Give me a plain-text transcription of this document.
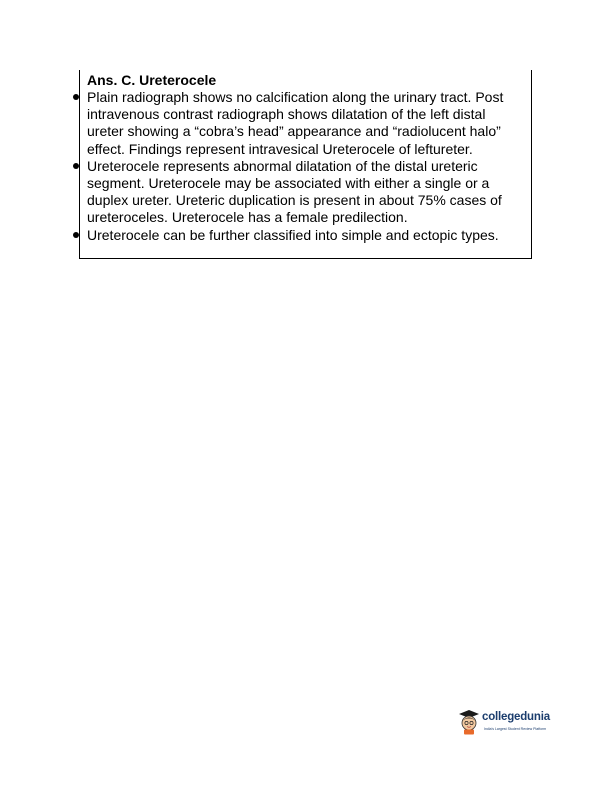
Ans. C. Ureterocele
Plain radiograph shows no calcification along the urinary tract. Post
intravenous contrast radiograph shows dilatation of the left distal
ureter showing a “cobra’s head” appearance and “radiolucent halo”
effect. Findings represent intravesical Ureterocele of leftureter.
Ureterocele represents abnormal dilatation of the distal ureteric
segment. Ureterocele may be associated with either a single or a
duplex ureter. Ureteric duplication is present in about 75% cases of
ureteroceles. Ureterocele has a female predilection.
Ureterocele can be further classified into simple and ectopic types.
collegedunia
India's Largest Student Review Platform
